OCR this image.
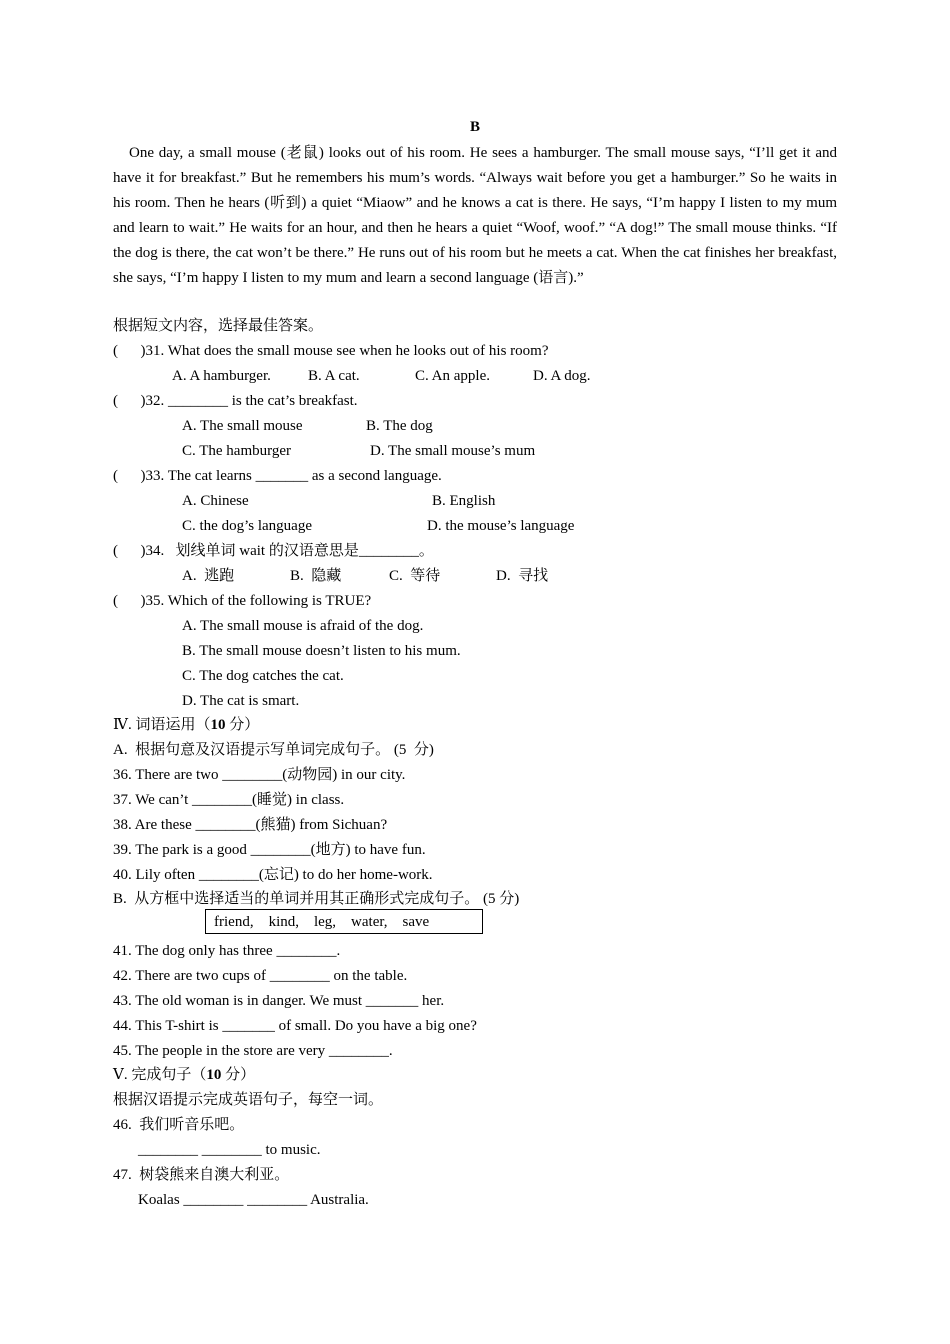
B
One day, a small mouse (老鼠) looks out of his room. He sees a hamburger. The small mouse says, “I’ll get it and have it for breakfast.” But he remembers his mum’s words. “Always wait before you get a hamburger.” So he waits in his room. Then he hears (听到) a quiet “Miaow” and he knows a cat is there. He says, “I’m happy I listen to my mum and learn to wait.” He waits for an hour, and then he hears a quiet “Woof, woof.” “A dog!” The small mouse thinks. “If the dog is there, the cat won’t be there.” He runs out of his room but he meets a cat. When the cat finishes her breakfast, she says, “I’m happy I listen to my mum and learn a second language (语言).”
根据短文内容，选择最佳答案。
(      )31. What does the small mouse see when he looks out of his room?
A. A hamburger. B. A cat.	C. An apple.	D. A dog.
(      )32. ________ is the cat’s breakfast.
A. The small mouse	B. The dog
C. The hamburger	D. The small mouse’s mum
(      )33. The cat learns _______ as a second language.
A. Chinese	B. English
C. the dog’s language	D. the mouse’s language
(      )34.   划线单词 wait 的汉语意思是________。
A.  逃跑	B.  隐藏	C.  等待	D.  寻找
(      )35. Which of the following is TRUE?
A. The small mouse is afraid of the dog.
B. The small mouse doesn’t listen to his mum.
C. The dog catches the cat.
D. The cat is smart.
Ⅳ. 词语运用（10 分）
A.  根据句意及汉语提示写单词完成句子。 (5  分)
36. There are two ________(动物园) in our city.
37. We can’t ________(睡觉) in class.
38. Are these ________(熊猫) from Sichuan?
39. The park is a good ________(地方) to have fun.
40. Lily often ________(忘记) to do her home-work.
B.  从方框中选择适当的单词并用其正确形式完成句子。 (5 分)
friend,    kind,    leg,    water,    save
41. The dog only has three ________.
42. There are two cups of ________ on the table.
43. The old woman is in danger. We must _______ her.
44. This T-shirt is _______ of small. Do you have a big one?
45. The people in the store are very ________.
Ⅴ. 完成句子（10 分）
根据汉语提示完成英语句子，每空一词。
46.  我们听音乐吧。
________ ________ to music.
47.  树袋熊来自澳大利亚。
Koalas ________ ________ Australia.
